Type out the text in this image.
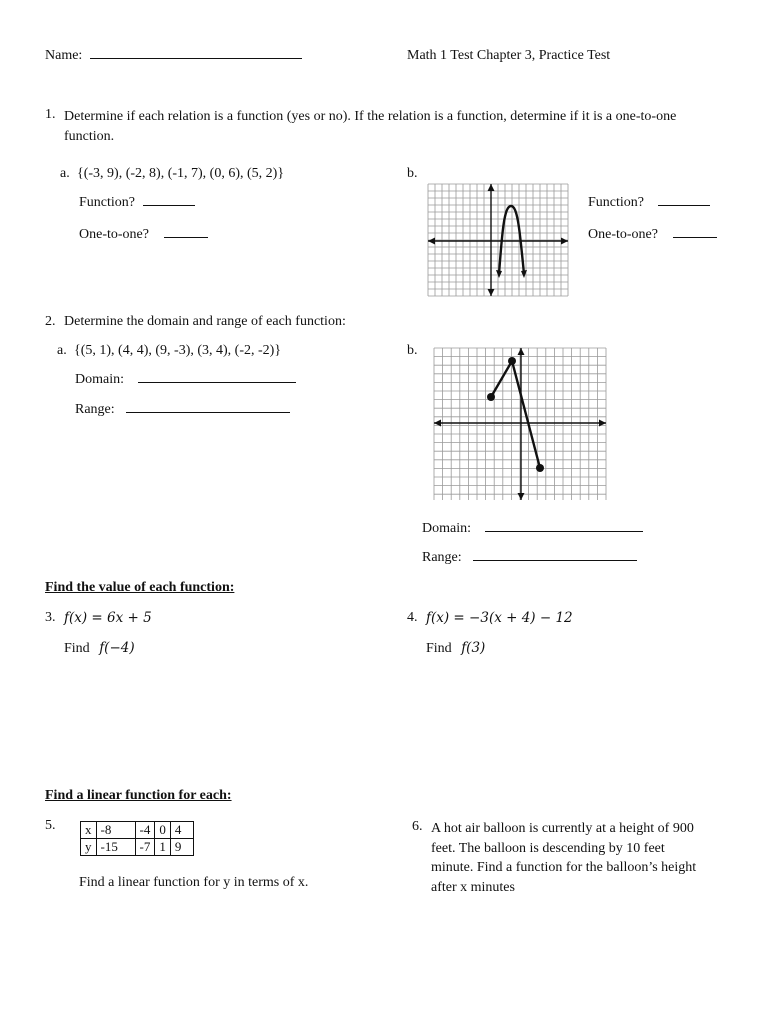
Name:	Math 1 Test Chapter 3, Practice Test
1. Determine if each relation is a function (yes or no). If the relation is a function, determine if it is a one-to-one function.
a. {(-3, 9), (-2, 8), (-1, 7), (0, 6), (5, 2)}
Function?
One-to-one?
b.
Function?
One-to-one?
2. Determine the domain and range of each function:
a. {(5, 1), (4, 4), (9, -3), (3, 4), (-2, -2)}
Domain:
Range:
b.
Domain:
Range:
Find the value of each function:
3. f(x) = 6x + 5
Find f(−4)
4. f(x) = −3(x + 4) − 12
Find f(3)
Find a linear function for each:
5. x	-8	-4	0	4
y	-15	-7	1	9
Find a linear function for y in terms of x.
6. A hot air balloon is currently at a height of 900 feet. The balloon is descending by 10 feet minute. Find a function for the balloon’s height after x minutes
